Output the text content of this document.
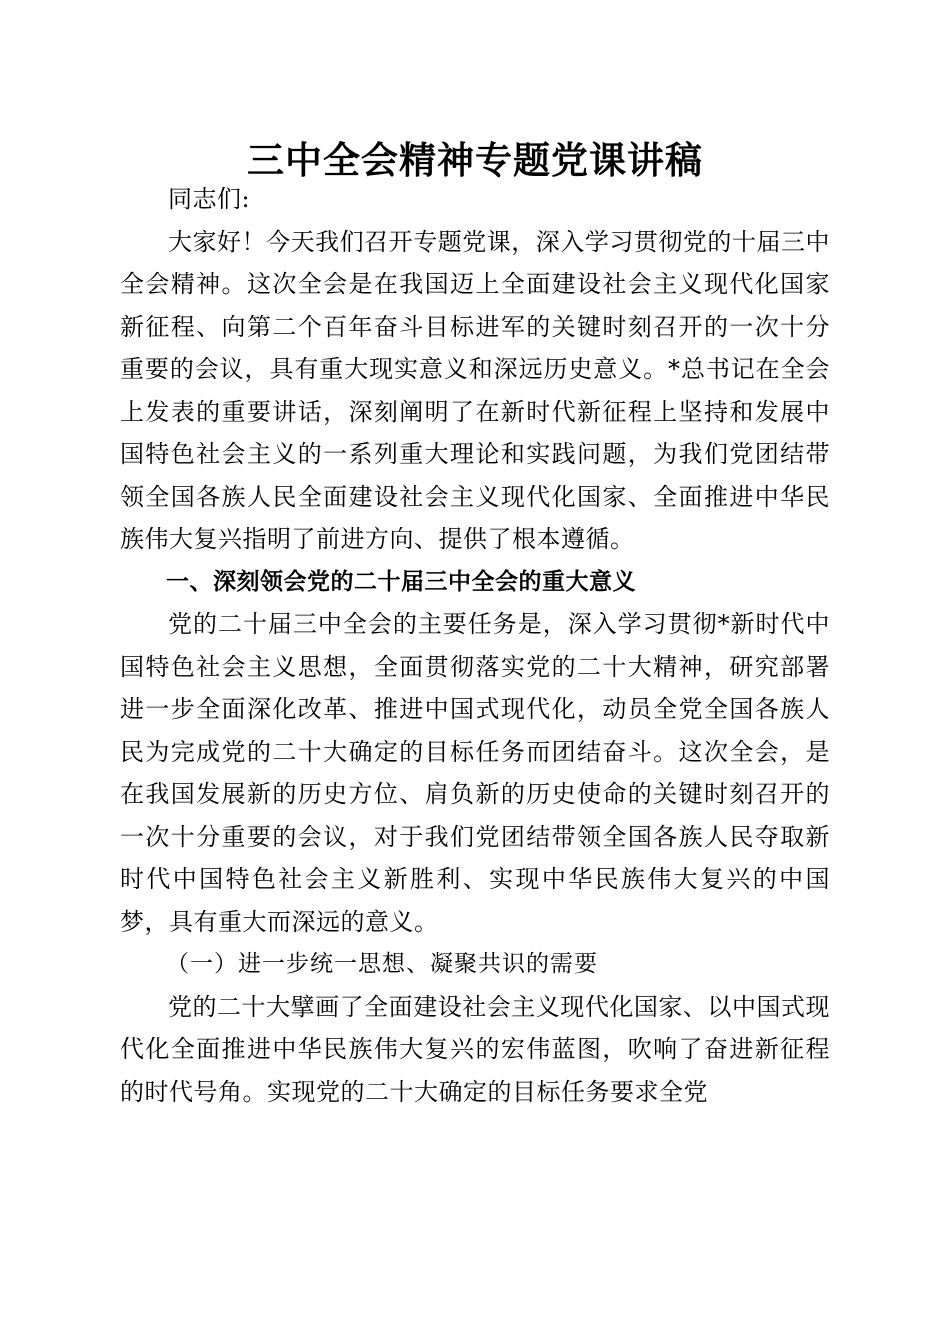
三中全会精神专题党课讲稿

同志们:

大家好！今天我们召开专题党课，深入学习贯彻党的十届三中全会精神。这次全会是在我国迈上全面建设社会主义现代化国家新征程、向第二个百年奋斗目标进军的关键时刻召开的一次十分重要的会议，具有重大现实意义和深远历史意义。*总书记在全会上发表的重要讲话，深刻阐明了在新时代新征程上坚持和发展中国特色社会主义的一系列重大理论和实践问题，为我们党团结带领全国各族人民全面建设社会主义现代化国家、全面推进中华民族伟大复兴指明了前进方向、提供了根本遵循。

一、深刻领会党的二十届三中全会的重大意义

党的二十届三中全会的主要任务是，深入学习贯彻*新时代中国特色社会主义思想，全面贯彻落实党的二十大精神，研究部署进一步全面深化改革、推进中国式现代化，动员全党全国各族人民为完成党的二十大确定的目标任务而团结奋斗。这次全会，是在我国发展新的历史方位、肩负新的历史使命的关键时刻召开的一次十分重要的会议，对于我们党团结带领全国各族人民夺取新时代中国特色社会主义新胜利、实现中华民族伟大复兴的中国梦，具有重大而深远的意义。

（一）进一步统一思想、凝聚共识的需要

党的二十大擘画了全面建设社会主义现代化国家、以中国式现代化全面推进中华民族伟大复兴的宏伟蓝图，吹响了奋进新征程的时代号角。实现党的二十大确定的目标任务要求全党
